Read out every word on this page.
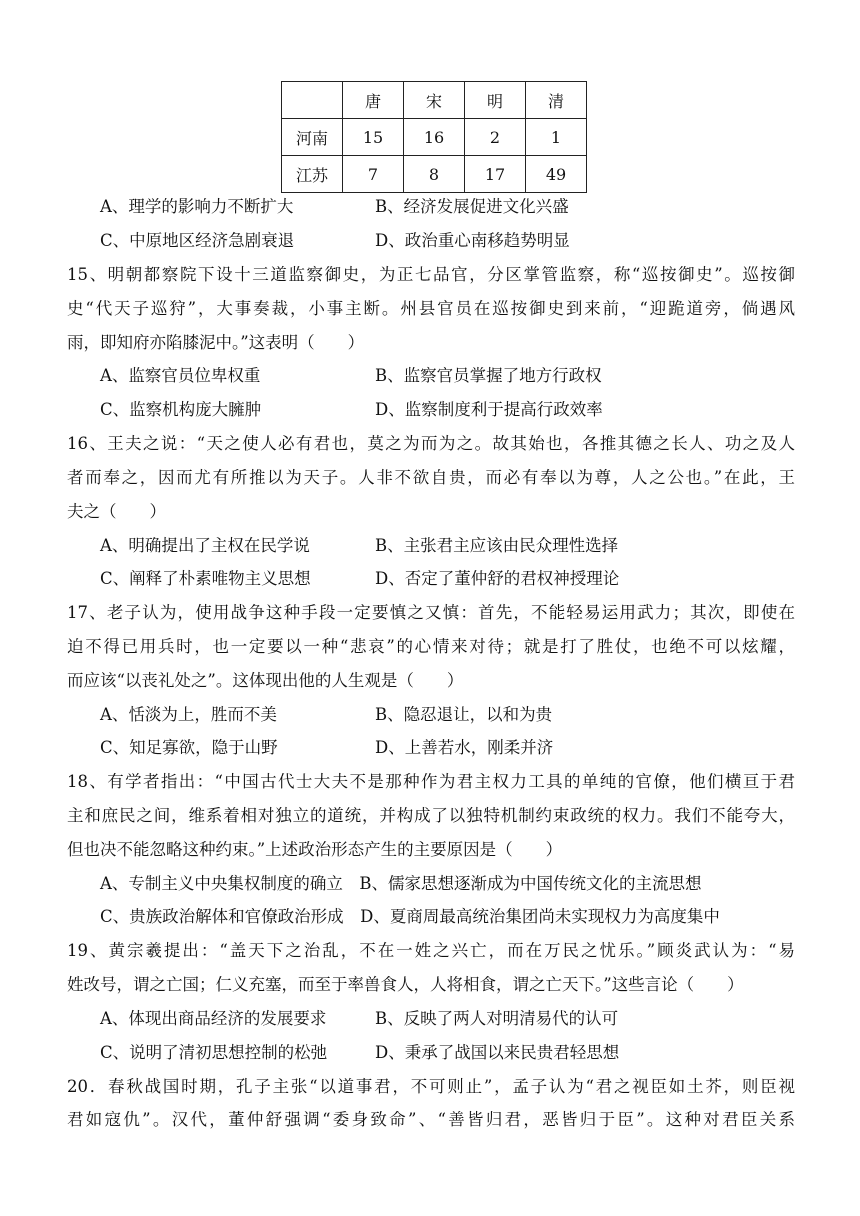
	唐	宋	明	清
河南	15	16	2	1
江苏	7	8	17	49
A、理学的影响力不断扩大	B、经济发展促进文化兴盛
C、中原地区经济急剧衰退	D、政治重心南移趋势明显
15、明朝都察院下设十三道监察御史，为正七品官，分区掌管监察，称“巡按御史”。巡按御
史“代天子巡狩”，大事奏裁，小事主断。州县官员在巡按御史到来前，“迎跪道旁，倘遇风
雨，即知府亦陷膝泥中。”这表明（　　）
A、监察官员位卑权重	B、监察官员掌握了地方行政权
C、监察机构庞大臃肿	D、监察制度利于提高行政效率
16、王夫之说：“天之使人必有君也，莫之为而为之。故其始也，各推其德之长人、功之及人
者而奉之，因而尤有所推以为天子。人非不欲自贵，而必有奉以为尊，人之公也。”在此，王
夫之（　　）
A、明确提出了主权在民学说	B、主张君主应该由民众理性选择
C、阐释了朴素唯物主义思想	D、否定了董仲舒的君权神授理论
17、老子认为，使用战争这种手段一定要慎之又慎：首先，不能轻易运用武力；其次，即使在
迫不得已用兵时，也一定要以一种“悲哀”的心情来对待；就是打了胜仗，也绝不可以炫耀，
而应该“以丧礼处之”。这体现出他的人生观是（　　）
A、恬淡为上，胜而不美	B、隐忍退让，以和为贵
C、知足寡欲，隐于山野	D、上善若水，刚柔并济
18、有学者指出：“中国古代士大夫不是那种作为君主权力工具的单纯的官僚，他们横亘于君
主和庶民之间，维系着相对独立的道统，并构成了以独特机制约束政统的权力。我们不能夸大，
但也决不能忽略这种约束。”上述政治形态产生的主要原因是（　　）
A、专制主义中央集权制度的确立　B、儒家思想逐渐成为中国传统文化的主流思想
C、贵族政治解体和官僚政治形成　D、夏商周最高统治集团尚未实现权力为高度集中
19、黄宗羲提出：“盖天下之治乱，不在一姓之兴亡，而在万民之忧乐。”顾炎武认为：“易
姓改号，谓之亡国；仁义充塞，而至于率兽食人，人将相食，谓之亡天下。”这些言论（　　）
A、体现出商品经济的发展要求	B、反映了两人对明清易代的认可
C、说明了清初思想控制的松弛	D、秉承了战国以来民贵君轻思想
20．春秋战国时期，孔子主张“以道事君，不可则止”，孟子认为“君之视臣如土芥，则臣视
君如寇仇”。汉代，董仲舒强调“委身致命”、“善皆归君，恶皆归于臣”。这种对君臣关系
